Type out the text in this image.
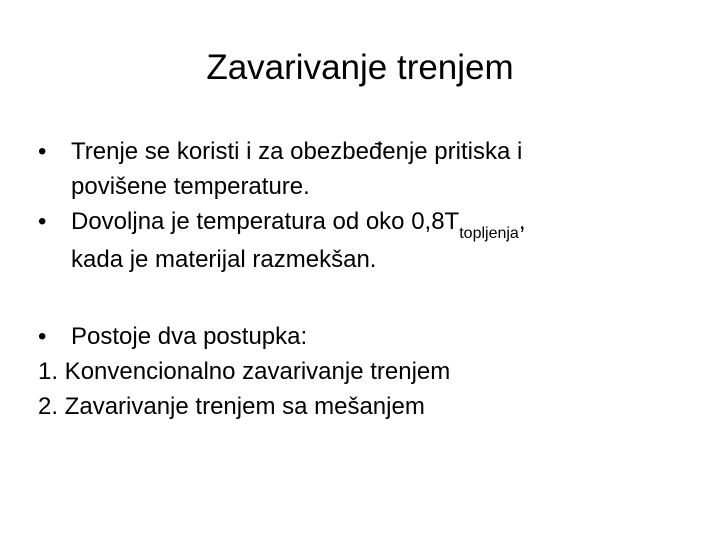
Zavarivanje trenjem
•	Trenje se koristi i za obezbeđenje pritiska i
povišene temperature.
•	Dovoljna je temperatura od oko $0,8T_{topljenja}$,
kada je materijal razmekšan.
•	Postoje dva postupka:
1. Konvencionalno zavarivanje trenjem
2. Zavarivanje trenjem sa mešanjem
